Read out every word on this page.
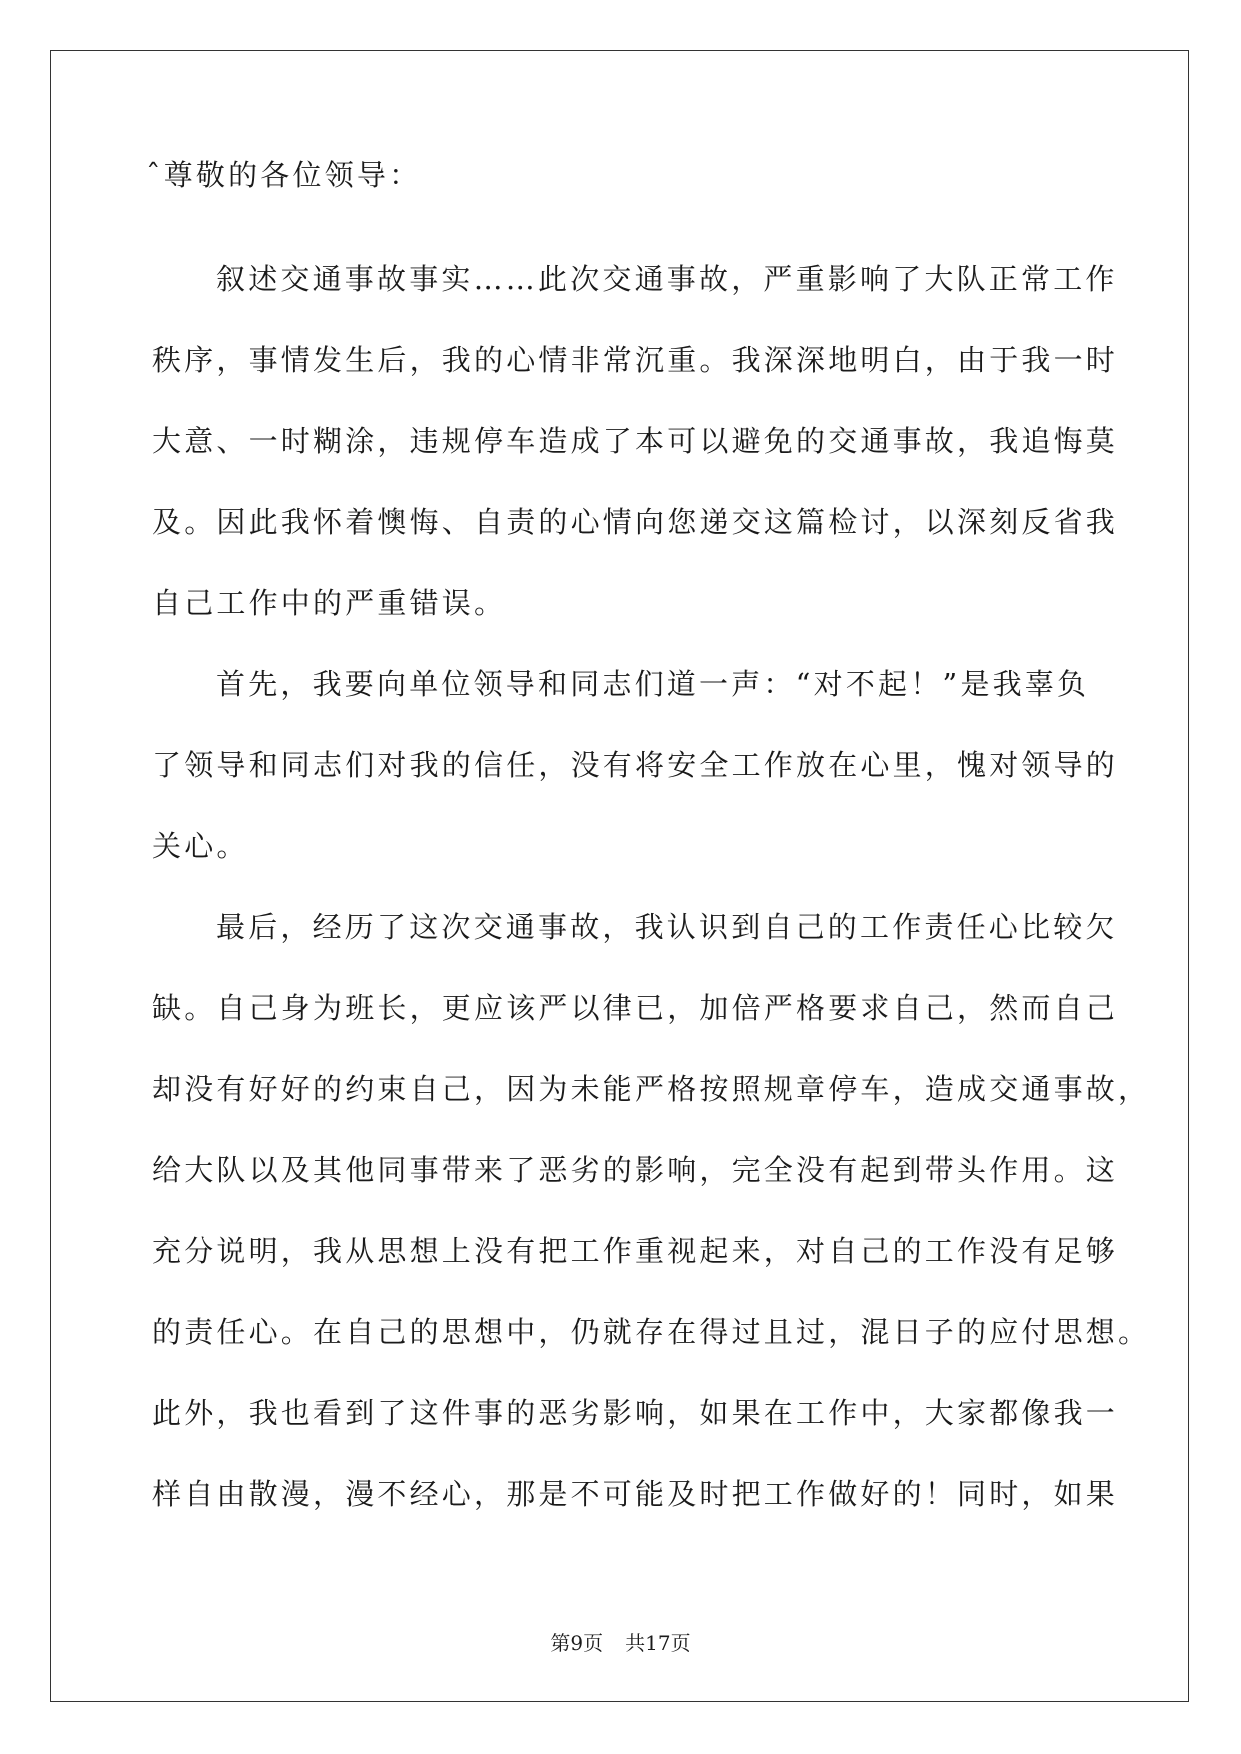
ˆ尊敬的各位领导：
叙述交通事故事实……此次交通事故，严重影响了大队正常工作
秩序，事情发生后，我的心情非常沉重。我深深地明白，由于我一时
大意、一时糊涂，违规停车造成了本可以避免的交通事故，我追悔莫
及。因此我怀着懊悔、自责的心情向您递交这篇检讨，以深刻反省我
自己工作中的严重错误。
首先，我要向单位领导和同志们道一声：“对不起！”是我辜负
了领导和同志们对我的信任，没有将安全工作放在心里，愧对领导的
关心。
最后，经历了这次交通事故，我认识到自己的工作责任心比较欠
缺。自己身为班长，更应该严以律已，加倍严格要求自己，然而自己
却没有好好的约束自己，因为未能严格按照规章停车，造成交通事故，
给大队以及其他同事带来了恶劣的影响，完全没有起到带头作用。这
充分说明，我从思想上没有把工作重视起来，对自己的工作没有足够
的责任心。在自己的思想中，仍就存在得过且过，混日子的应付思想。
此外，我也看到了这件事的恶劣影响，如果在工作中，大家都像我一
样自由散漫，漫不经心，那是不可能及时把工作做好的！同时，如果
第9页 共17页
